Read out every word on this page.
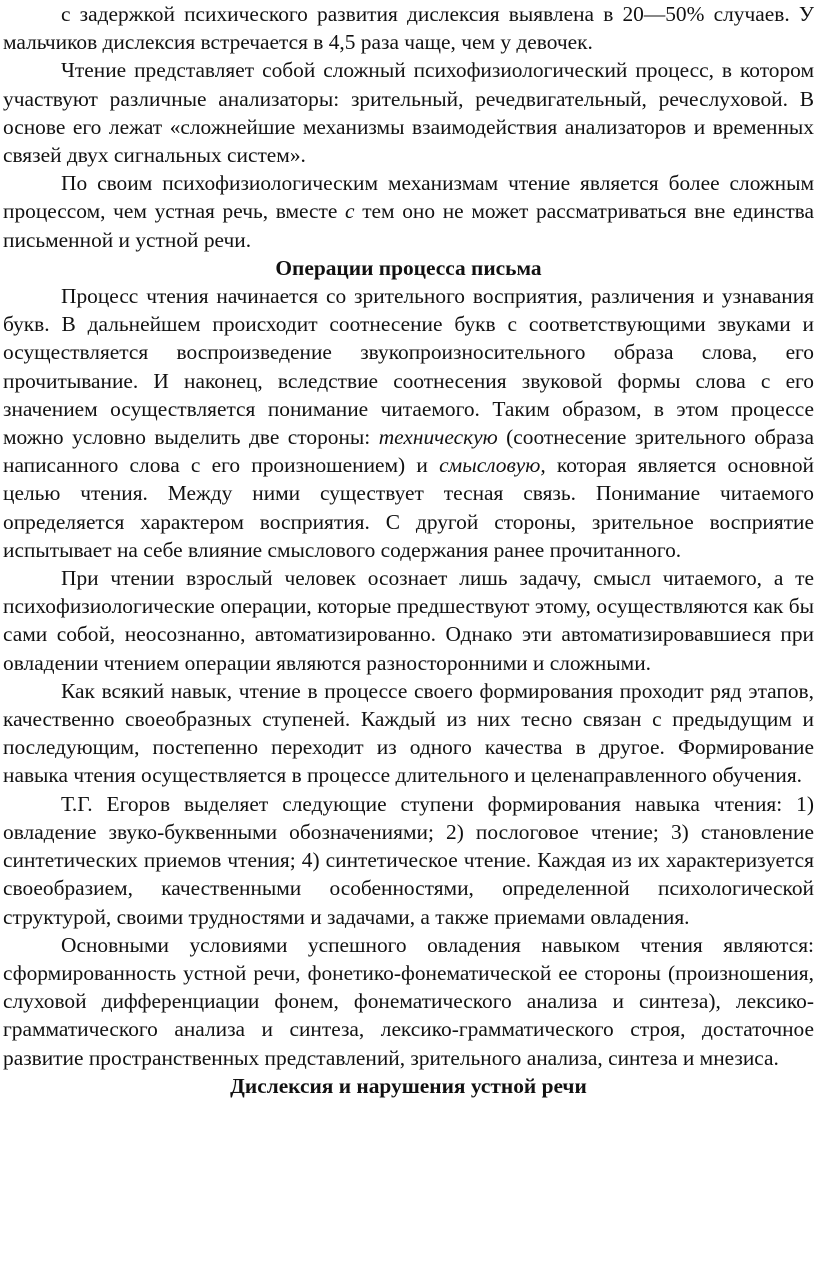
с задержкой психического развития дислексия выявлена в 20—50% случаев. У мальчиков дислексия встречается в 4,5 раза чаще, чем у девочек.

Чтение представляет собой сложный психофизиологический процесс, в котором участвуют различные анализаторы: зрительный, речедвигательный, речеслуховой. В основе его лежат «сложнейшие механизмы взаимодействия анализаторов и временных связей двух сигнальных систем».

По своим психофизиологическим механизмам чтение является более сложным процессом, чем устная речь, вместе с тем оно не может рассматриваться вне единства письменной и устной речи.

Операции процесса письма

Процесс чтения начинается со зрительного восприятия, различения и узнавания букв. В дальнейшем происходит соотнесение букв с соответствующими звуками и осуществляется воспроизведение звукопроизносительного образа слова, его прочитывание. И наконец, вследствие соотнесения звуковой формы слова с его значением осуществляется понимание читаемого. Таким образом, в этом процессе можно условно выделить две стороны: техническую (соотнесение зрительного образа написанного слова с его произношением) и смысловую, которая является основной целью чтения. Между ними существует тесная связь. Понимание читаемого определяется характером восприятия. С другой стороны, зрительное восприятие испытывает на себе влияние смыслового содержания ранее прочитанного.

При чтении взрослый человек осознает лишь задачу, смысл читаемого, а те психофизиологические операции, которые предшествуют этому, осуществляются как бы сами собой, неосознанно, автоматизированно. Однако эти автоматизировавшиеся при овладении чтением операции являются разносторонними и сложными.

Как всякий навык, чтение в процессе своего формирования проходит ряд этапов, качественно своеобразных ступеней. Каждый из них тесно связан с предыдущим и последующим, постепенно переходит из одного качества в другое. Формирование навыка чтения осуществляется в процессе длительного и целенаправленного обучения.

Т.Г. Егоров выделяет следующие ступени формирования навыка чтения: 1) овладение звуко-буквенными обозначениями; 2) послоговое чтение; 3) становление синтетических приемов чтения; 4) синтетическое чтение. Каждая из их характеризуется своеобразием, качественными особенностями, определенной психологической структурой, своими трудностями и задачами, а также приемами овладения.

Основными условиями успешного овладения навыком чтения являются: сформированность устной речи, фонетико-фонематической ее стороны (произношения, слуховой дифференциации фонем, фонематического анализа и синтеза), лексико-грамматического анализа и синтеза, лексико-грамматического строя, достаточное развитие пространственных представлений, зрительного анализа, синтеза и мнезиса.

Дислексия и нарушения устной речи
